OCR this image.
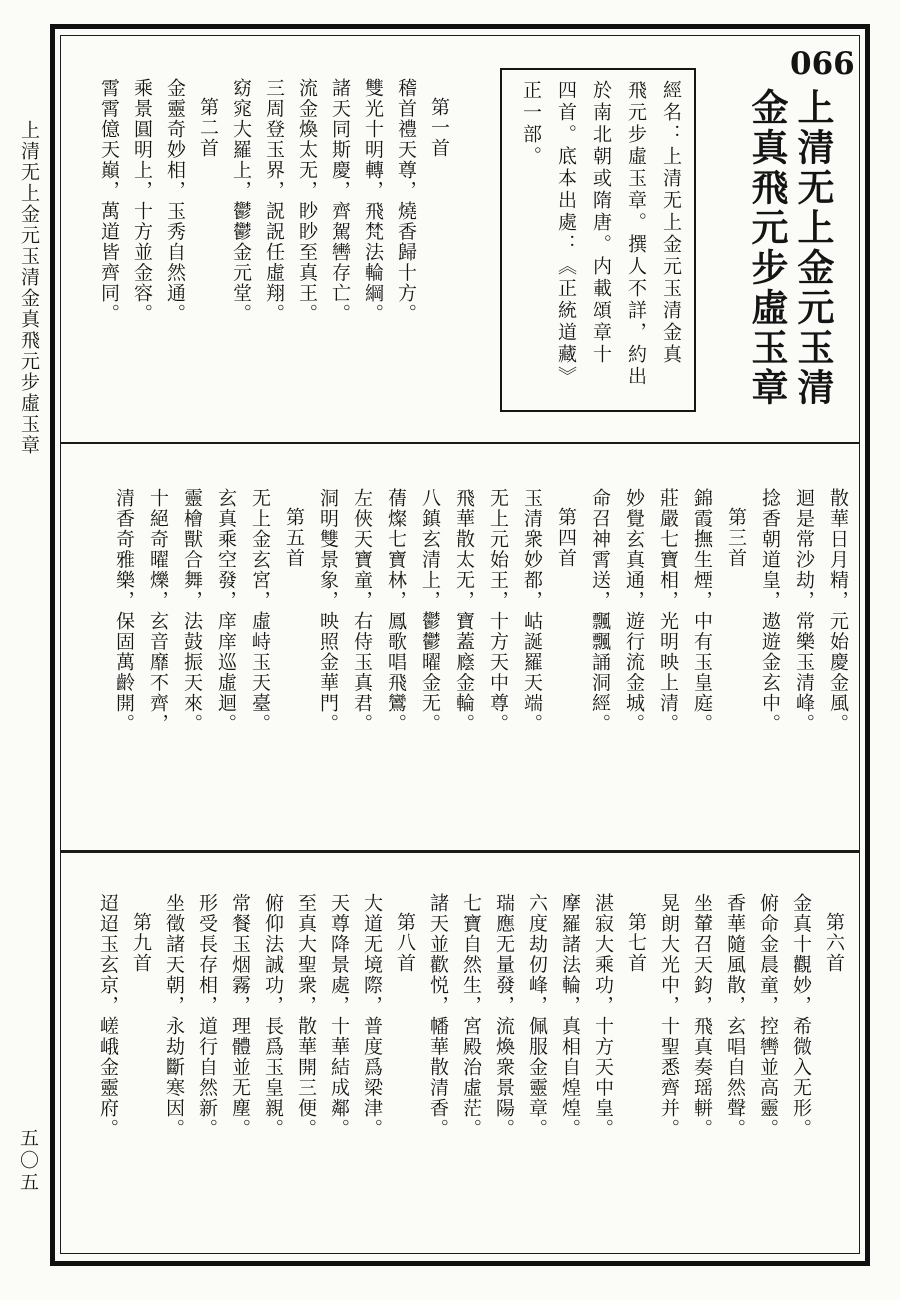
上清无上金元玉清金真飛元步虛玉章
五〇五
066
上清无上金元玉清
金真飛元步虛玉章
經名：上清无上金元玉清金真
飛元步虛玉章。撰人不詳，約出
於南北朝或隋唐。内載頌章十
四首。底本出處：《正統道藏》
正一部。
第一首
稽首禮天尊，燒香歸十方。
雙光十明轉，飛梵法輪綱。
諸天同斯慶，齊駕轡存亡。
流金煥太无，眇眇至真王。
三周登玉界，詋詋任虛翔。
窈窕大羅上，鬱鬱金元堂。
第二首
金靈奇妙相，玉秀自然通。
乘景圓明上，十方並金容。
霄霄億天巔，萬道皆齊同。
散華日月精，元始慶金風。
迴是常沙劫，常樂玉清峰。
捻香朝道皇，遨遊金玄中。
第三首
錦霞撫生煙，中有玉皇庭。
莊嚴七寶相，光明映上清。
妙覺玄真通，遊行流金城。
命召神霄送，飄飄誦洞經。
第四首
玉清衆妙都，岵誕羅天端。
无上元始王，十方天中尊。
飛華散太无，寶蓋廕金輪。
八鎮玄清上，鬱鬱曜金无。
蒨燦七寶林，鳳歌唱飛鸞。
左俠天寶童，右侍玉真君。
洞明雙景象，映照金華門。
第五首
无上金玄宮，虛峙玉天臺。
玄真乘空發，庠庠巡虛迴。
靈檜獸合舞，法鼓振天來。
十絕奇曜爍，玄音靡不齊，
清香奇雅樂，保固萬齡開。
第六首
金真十觀妙，希微入无形。
俯命金晨童，控轡並高靈。
香華隨風散，玄唱自然聲。
坐輦召天鈞，飛真奏瑶軿。
晃朗大光中，十聖悉齊并。
第七首
湛寂大乘功，十方天中皇。
摩羅諸法輪，真相自煌煌。
六度劫仞峰，佩服金靈章。
瑞應无量發，流煥衆景陽。
七寶自然生，宮殿治虛茫。
諸天並歡悦，幡華散清香。
第八首
大道无境際，普度爲梁津。
天尊降景處，十華結成鄰。
至真大聖衆，散華開三便。
俯仰法誠功，長爲玉皇親。
常餐玉烟霧，理體並无塵。
形受長存相，道行自然新。
坐徵諸天朝，永劫斷寒因。
第九首
迢迢玉玄京，嵯峨金靈府。
